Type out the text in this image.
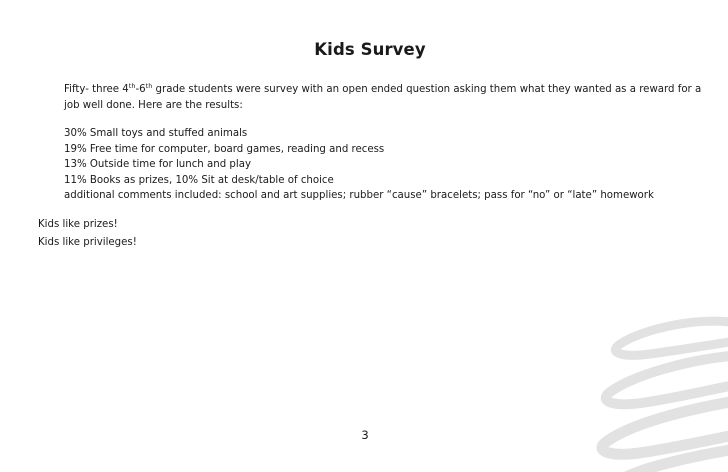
Kids Survey

Fifty- three 4th-6th grade students were survey with an open ended question asking them what they wanted as a reward for a job well done. Here are the results:

30% Small toys and stuffed animals
19% Free time for computer, board games, reading and recess
13% Outside time for lunch and play
11% Books as prizes, 10% Sit at desk/table of choice
additional comments included: school and art supplies; rubber “cause” bracelets; pass for “no” or “late” homework
Kids like prizes!
Kids like privileges!
3
